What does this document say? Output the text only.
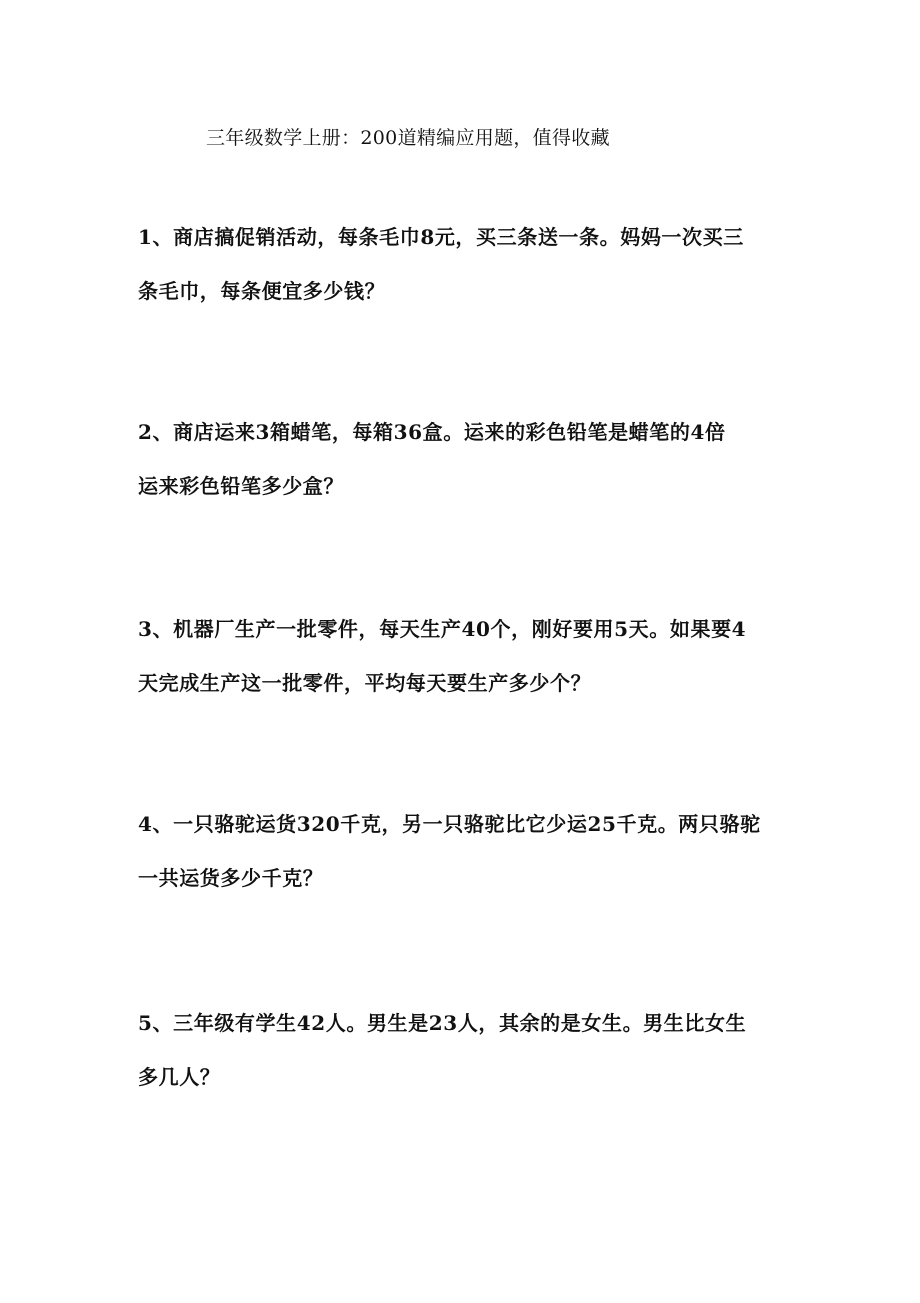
三年级数学上册：200道精编应用题，值得收藏
1、商店搞促销活动，每条毛巾8元，买三条送一条。妈妈一次买三
条毛巾，每条便宜多少钱？
2、商店运来3箱蜡笔，每箱36盒。运来的彩色铅笔是蜡笔的4倍
运来彩色铅笔多少盒？
3、机器厂生产一批零件，每天生产40个，刚好要用5天。如果要4
天完成生产这一批零件，平均每天要生产多少个？
4、一只骆驼运货320千克，另一只骆驼比它少运25千克。两只骆驼
一共运货多少千克？
5、三年级有学生42人。男生是23人，其余的是女生。男生比女生
多几人？
